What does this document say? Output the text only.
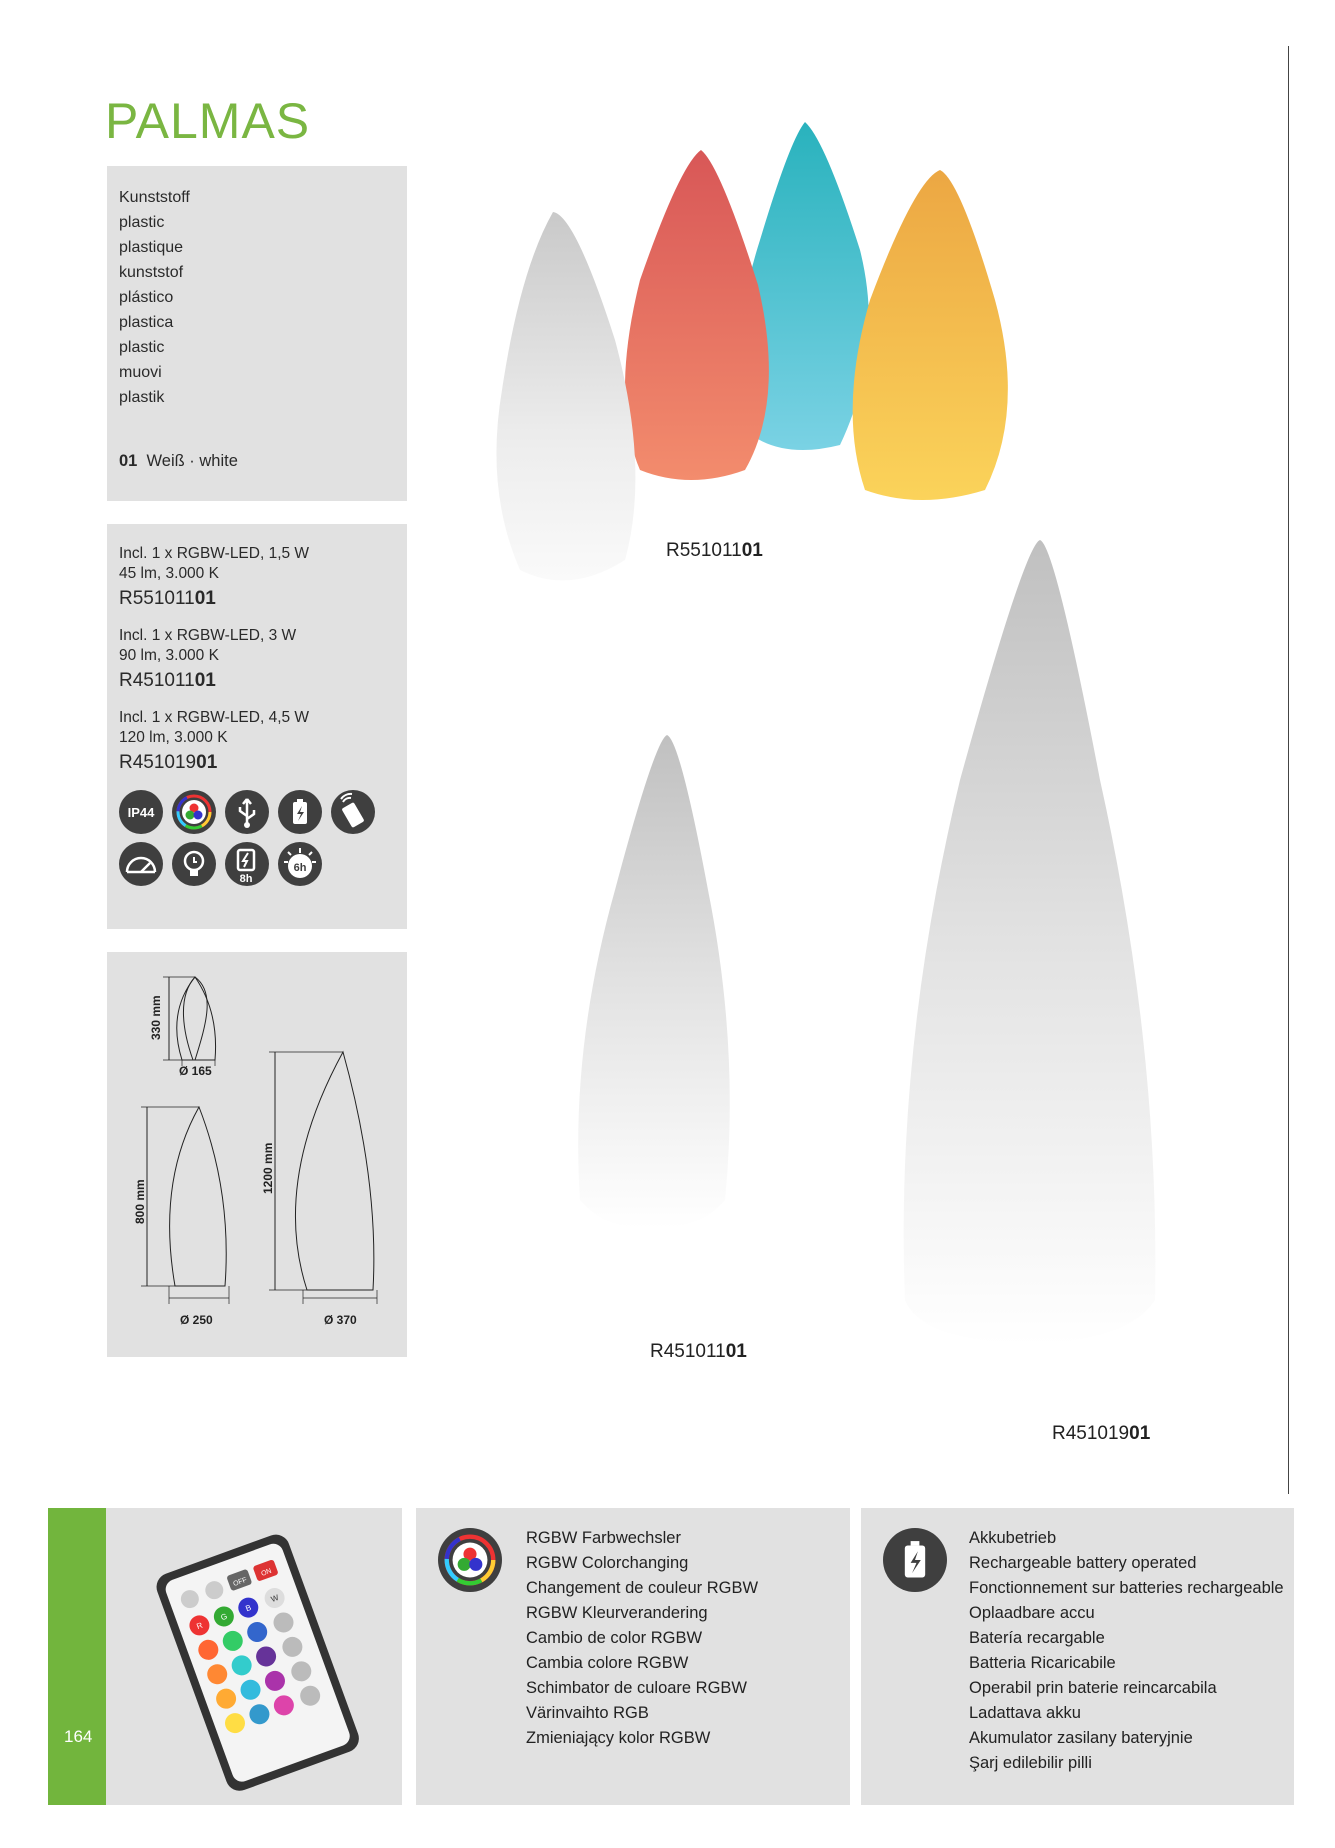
PALMAS
Kunststoff
plastic
plastique
kunststof
plástico
plastica
plastic
muovi
plastik
01 Weiß · white
Incl. 1 x RGBW-LED, 1,5 W
45 lm, 3.000 K
R55101101
Incl. 1 x RGBW-LED, 3 W
90 lm, 3.000 K
R45101101
Incl. 1 x RGBW-LED, 4,5 W
120 lm, 3.000 K
R45101901
IP44
8h
6h
330 mm
Ø 165
800 mm
Ø 250
1200 mm
Ø 370
R55101101
R45101101
R45101901
164
OFF
ON
R
G
B
W
RGBW Farbwechsler
RGBW Colorchanging
Changement de couleur RGBW
RGBW Kleurverandering
Cambio de color RGBW
Cambia colore RGBW
Schimbator de culoare RGBW
Värinvaihto RGB
Zmieniający kolor RGBW
Akkubetrieb
Rechargeable battery operated
Fonctionnement sur batteries rechargeable
Oplaadbare accu
Batería recargable
Batteria Ricaricabile
Operabil prin baterie reincarcabila
Ladattava akku
Akumulator zasilany bateryjnie
Şarj edilebilir pilli
